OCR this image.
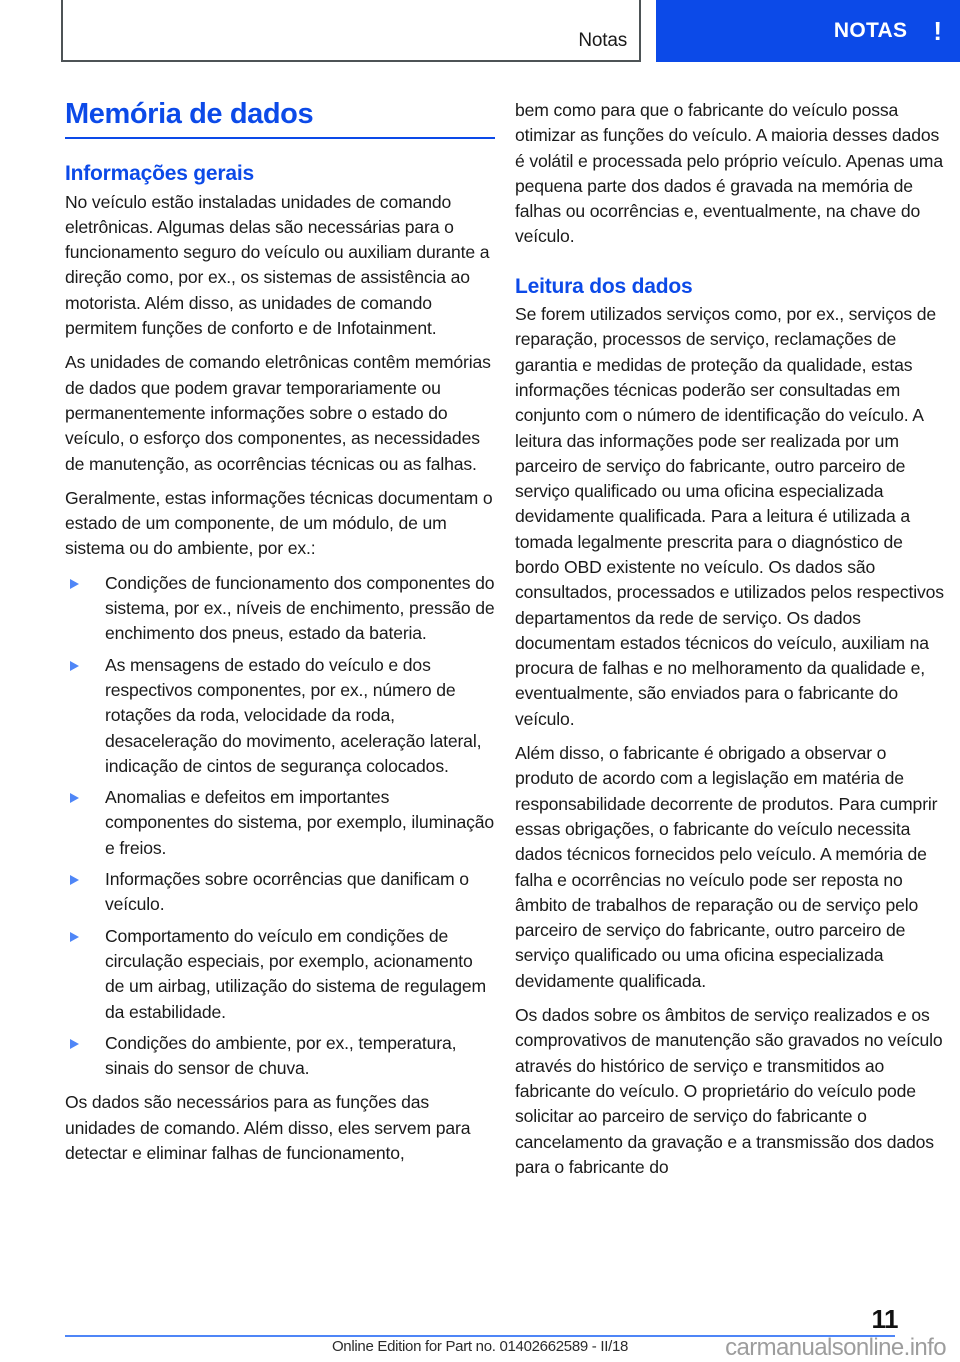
Notas	NOTAS !
Memória de dados
Informações gerais

No veículo estão instaladas unidades de comando eletrônicas. Algumas delas são necessárias para o funcionamento seguro do veículo ou auxiliam durante a direção como, por ex., os sistemas de assistência ao motorista. Além disso, as unidades de comando permitem funções de conforto e de Infotainment.

As unidades de comando eletrônicas contêm memórias de dados que podem gravar temporariamente ou permanentemente informações sobre o estado do veículo, o esforço dos componentes, as necessidades de manutenção, as ocorrências técnicas ou as falhas.

Geralmente, estas informações técnicas documentam o estado de um componente, de um módulo, de um sistema ou do ambiente, por ex.:

Condições de funcionamento dos componentes do sistema, por ex., níveis de enchimento, pressão de enchimento dos pneus, estado da bateria.
As mensagens de estado do veículo e dos respectivos componentes, por ex., número de rotações da roda, velocidade da roda, desaceleração do movimento, aceleração lateral, indicação de cintos de segurança colocados.
Anomalias e defeitos em importantes componentes do sistema, por exemplo, iluminação e freios.
Informações sobre ocorrências que danificam o veículo.
Comportamento do veículo em condições de circulação especiais, por exemplo, acionamento de um airbag, utilização do sistema de regulagem da estabilidade.
Condições do ambiente, por ex., temperatura, sinais do sensor de chuva.

Os dados são necessários para as funções das unidades de comando. Além disso, eles servem para detectar e eliminar falhas de funcionamento,

bem como para que o fabricante do veículo possa otimizar as funções do veículo. A maioria desses dados é volátil e processada pelo próprio veículo. Apenas uma pequena parte dos dados é gravada na memória de falhas ou ocorrências e, eventualmente, na chave do veículo.

Leitura dos dados

Se forem utilizados serviços como, por ex., serviços de reparação, processos de serviço, reclamações de garantia e medidas de proteção da qualidade, estas informações técnicas poderão ser consultadas em conjunto com o número de identificação do veículo. A leitura das informações pode ser realizada por um parceiro de serviço do fabricante, outro parceiro de serviço qualificado ou uma oficina especializada devidamente qualificada. Para a leitura é utilizada a tomada legalmente prescrita para o diagnóstico de bordo OBD existente no veículo. Os dados são consultados, processados e utilizados pelos respectivos departamentos da rede de serviço. Os dados documentam estados técnicos do veículo, auxiliam na procura de falhas e no melhoramento da qualidade e, eventualmente, são enviados para o fabricante do veículo.

Além disso, o fabricante é obrigado a observar o produto de acordo com a legislação em matéria de responsabilidade decorrente de produtos. Para cumprir essas obrigações, o fabricante do veículo necessita dados técnicos fornecidos pelo veículo. A memória de falha e ocorrências no veículo pode ser reposta no âmbito de trabalhos de reparação ou de serviço pelo parceiro de serviço do fabricante, outro parceiro de serviço qualificado ou uma oficina especializada devidamente qualificada.

Os dados sobre os âmbitos de serviço realizados e os comprovativos de manutenção são gravados no veículo através do histórico de serviço e transmitidos ao fabricante do veículo. O proprietário do veículo pode solicitar ao parceiro de serviço do fabricante o cancelamento da gravação e a transmissão dos dados para o fabricante do

11
Online Edition for Part no. 01402662589 - II/18	carmanualsonline.info
